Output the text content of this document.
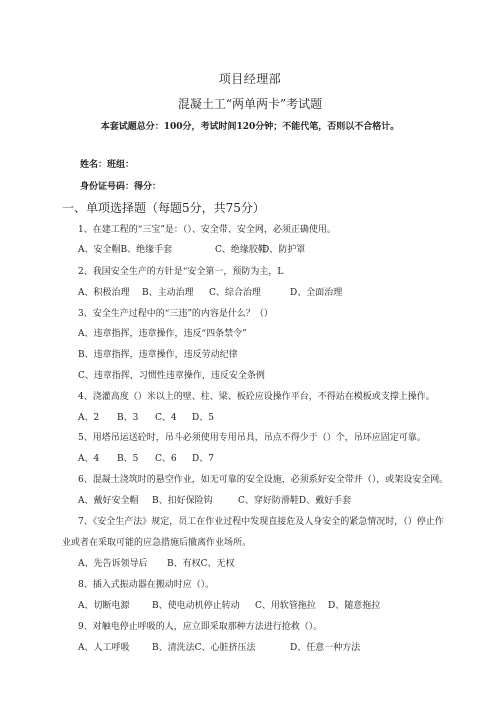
项目经理部
混凝土工“两单两卡”考试题
本套试题总分：100分，考试时间120分钟；不能代笔，否则以不合格计。
姓名：班组：
身份证号码：得分：
一、单项选择题（每题5分，共75分）
1、在建工程的“三宝”是：（）、安全带、安全网，必须正确使用。
A、安全帽B、绝缘手套	C、绝缘胶鞋
D、防护罩
2、我国安全生产的方针是“安全第一，预防为主，L
A、积极治理 B、主动治理 C、综合治理	D、全面治理
3、安全生产过程中的“三违”的内容是什么？（）
A、违章指挥，违章操作，违反“四条禁令”
B、违章指挥，违章操作，违反劳动纪律
C、违章指挥，习惯性违章操作，违反安全条例
4、浇灌高度（）米以上的壁、柱、梁、板砼应设操作平台，不得站在模板或支撑上操作。
A、2 B、3 C、4 D、5
5、用塔吊运送砼时，吊斗必须使用专用吊具，吊点不得少于（）个，吊环应固定可靠。
A、4 B、5 C、6 D、7
6、混凝土浇筑时的悬空作业，如无可靠的安全设施，必须系好安全带并（），或架设安全网。
A、戴好安全帽 B、扣好保险钩	C、穿好防滑鞋D、戴好手套
7、《安全生产法》规定，员工在作业过程中发现直接危及人身安全的紧急情况时，（）停止作
业或者在采取可能的应急措施后撤离作业场所。
A、先告诉领导后 B、有权C、无权
8、插入式振动器在搬动时应（）。
A、切断电源	B、使电动机停止转动 C、用软管拖拉 D、随意拖拉
9、对触电停止呼吸的人，应立即采取那种方法进行抢救（）。
A、人工呼吸	B、清洗法C、心脏挤压法	D、任意一种方法
